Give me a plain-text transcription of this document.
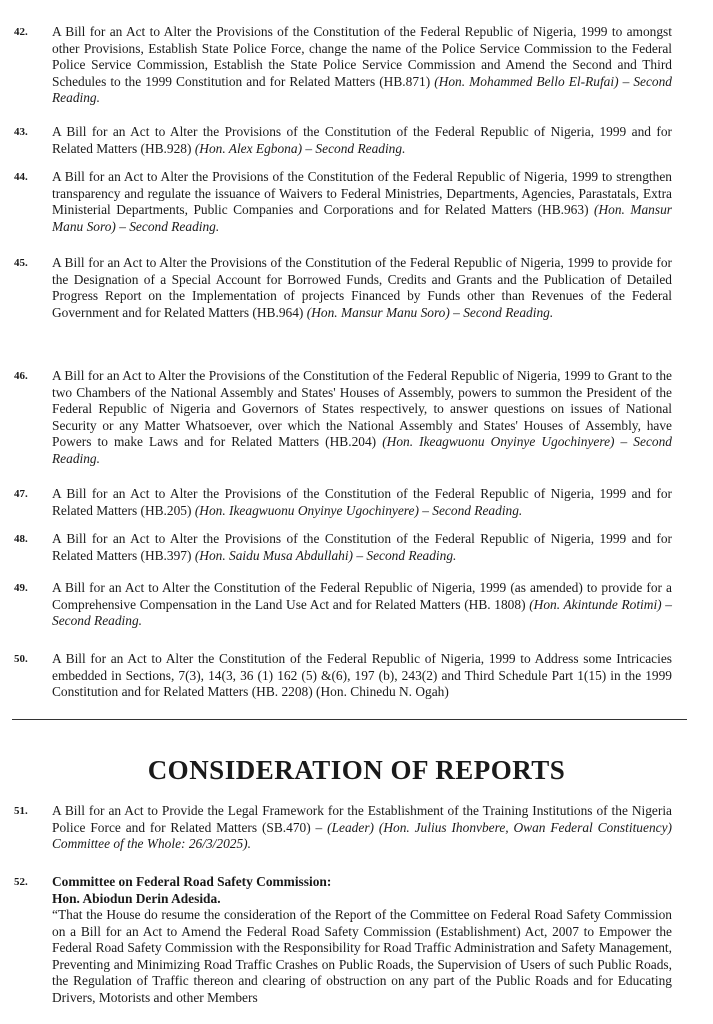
42.	A Bill for an Act to Alter the Provisions of the Constitution of the Federal Republic of Nigeria, 1999 to amongst other Provisions, Establish State Police Force, change the name of the Police Service Commission to the Federal Police Service Commission, Establish the State Police Service Commission and Amend the Second and Third Schedules to the 1999 Constitution and for Related Matters (HB.871) (Hon. Mohammed Bello El-Rufai) – Second Reading.
43.	A Bill for an Act to Alter the Provisions of the Constitution of the Federal Republic of Nigeria, 1999 and for Related Matters (HB.928) (Hon. Alex Egbona) – Second Reading.
44.	A Bill for an Act to Alter the Provisions of the Constitution of the Federal Republic of Nigeria, 1999 to strengthen transparency and regulate the issuance of Waivers to Federal Ministries, Departments, Agencies, Parastatals, Extra Ministerial Departments, Public Companies and Corporations and for Related Matters (HB.963) (Hon. Mansur Manu Soro) – Second Reading.
45.	A Bill for an Act to Alter the Provisions of the Constitution of the Federal Republic of Nigeria, 1999 to provide for the Designation of a Special Account for Borrowed Funds, Credits and Grants and the Publication of Detailed Progress Report on the Implementation of projects Financed by Funds other than Revenues of the Federal Government and for Related Matters (HB.964) (Hon. Mansur Manu Soro) – Second Reading.
46.	A Bill for an Act to Alter the Provisions of the Constitution of the Federal Republic of Nigeria, 1999 to Grant to the two Chambers of the National Assembly and States' Houses of Assembly, powers to summon the President of the Federal Republic of Nigeria and Governors of States respectively, to answer questions on issues of National Security or any Matter Whatsoever, over which the National Assembly and States' Houses of Assembly, have Powers to make Laws and for Related Matters (HB.204) (Hon. Ikeagwuonu Onyinye Ugochinyere) – Second Reading.
47.	A Bill for an Act to Alter the Provisions of the Constitution of the Federal Republic of Nigeria, 1999 and for Related Matters (HB.205) (Hon. Ikeagwuonu Onyinye Ugochinyere) – Second Reading.
48.	A Bill for an Act to Alter the Provisions of the Constitution of the Federal Republic of Nigeria, 1999 and for Related Matters (HB.397) (Hon. Saidu Musa Abdullahi) – Second Reading.
49.	A Bill for an Act to Alter the Constitution of the Federal Republic of Nigeria, 1999 (as amended) to provide for a Comprehensive Compensation in the Land Use Act and for Related Matters (HB. 1808) (Hon. Akintunde Rotimi) – Second Reading.
50.	A Bill for an Act to Alter the Constitution of the Federal Republic of Nigeria, 1999 to Address some Intricacies embedded in Sections, 7(3), 14(3, 36 (1) 162 (5) &(6), 197 (b), 243(2) and Third Schedule Part 1(15) in the 1999 Constitution and for Related Matters (HB. 2208) (Hon. Chinedu N. Ogah)
CONSIDERATION OF REPORTS
51.	A Bill for an Act to Provide the Legal Framework for the Establishment of the Training Institutions of the Nigeria Police Force and for Related Matters (SB.470) – (Leader) (Hon. Julius Ihonvbere, Owan Federal Constituency) Committee of the Whole: 26/3/2025).
52.	Committee on Federal Road Safety Commission:
Hon. Abiodun Derin Adesida.
“That the House do resume the consideration of the Report of the Committee on Federal Road Safety Commission on a Bill for an Act to Amend the Federal Road Safety Commission (Establishment) Act, 2007 to Empower the Federal Road Safety Commission with the Responsibility for Road Traffic Administration and Safety Management, Preventing and Minimizing Road Traffic Crashes on Public Roads, the Supervision of Users of such Public Roads, the Regulation of Traffic thereon and clearing of obstruction on any part of the Public Roads and for Educating Drivers, Motorists and other Members
